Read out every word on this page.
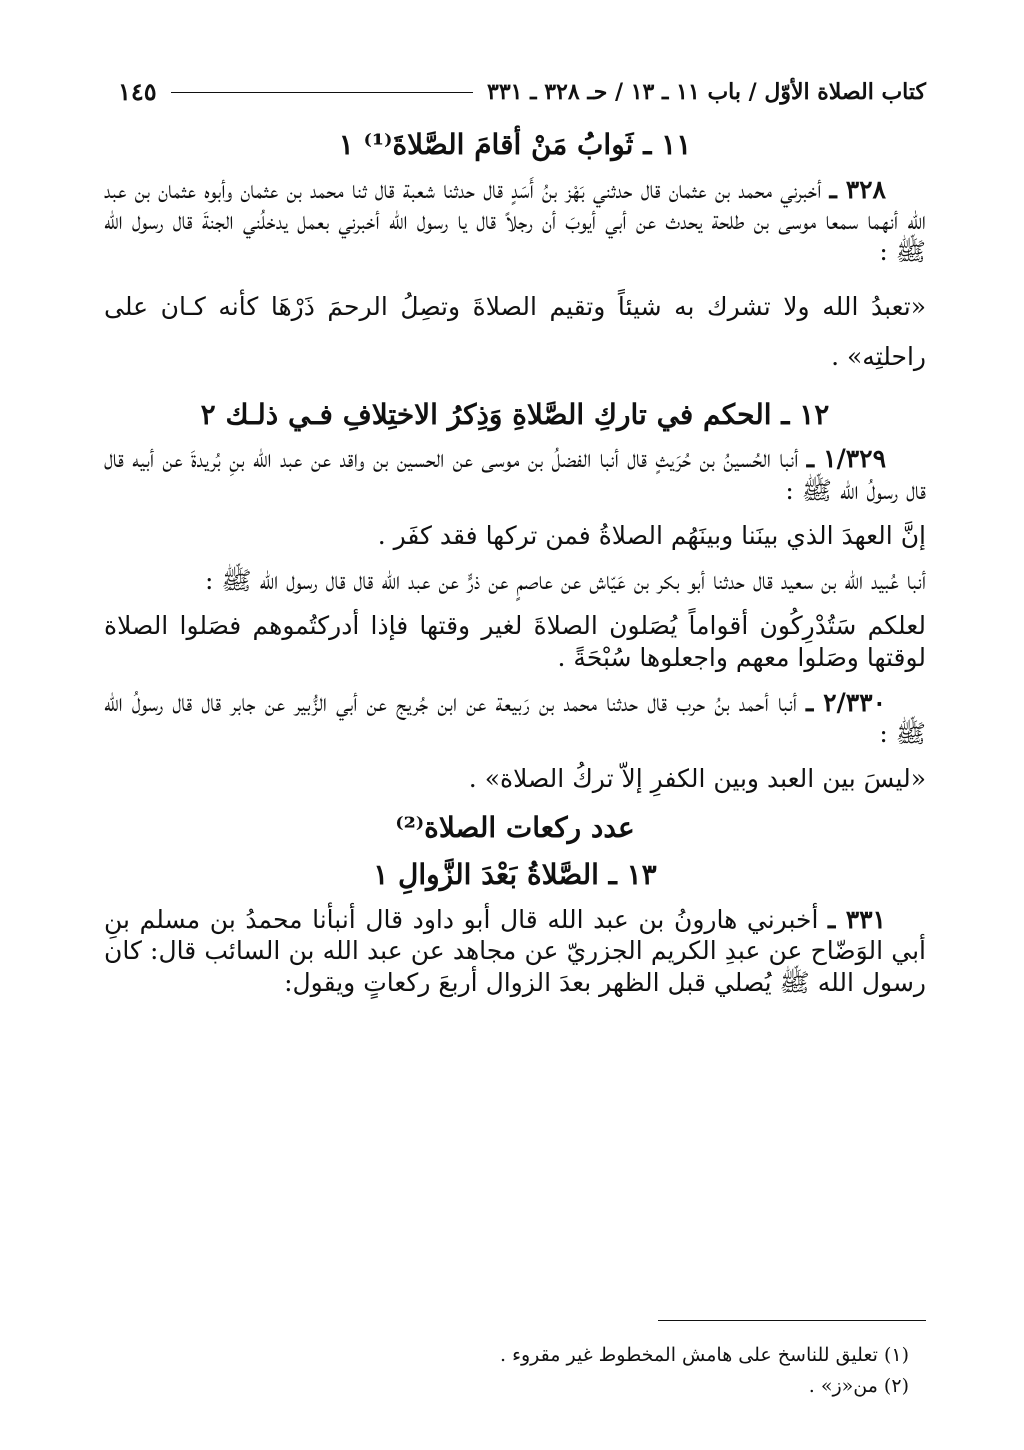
كتاب الصلاة الأوّل / باب ١١ ـ ١٣ / حـ ٣٢٨ ـ ٣٣١
١٤٥
١١ ـ ثَوابُ مَنْ أقامَ الصَّلاةَ⁽¹⁾ ١

٣٢٨ ـ أخبرني محمد بن عثمان قال حدثني بَهْز بنُ أَسَدٍ قال حدثنا شعبة قال ثنا محمد بن عثمان وأبوه عثمان بن عبد الله أنهما سمعا موسى بن طلحة يحدث عن أبي أيوبَ أن رجلاً قال يا رسول الله أخبرني بعمل يدخلُني الجنةَ قال رسول الله ﷺ :

«تعبدُ الله ولا تشرك به شيئاً وتقيم الصلاةَ وتصِلُ الرحمَ ذَرْهَا كأنه كـان على راحلتِه» .

١٢ ـ الحكم في تاركِ الصَّلاةِ وَذِكرُ الاختِلافِ فـي ذلـك ٢

١/٣٢٩ ـ أنبا الحُسينُ بن حُرَيثٍ قال أنبا الفضلُ بن موسى عن الحسين بن واقد عن عبد الله بنِ بُريدةَ عن أبيه قال قال رسولُ الله ﷺ :

إنَّ العهدَ الذي بينَنا وبينَهُم الصلاةُ فمن تركها فقد كفَر .

أنبا عُبيد الله بن سعيد قال حدثنا أبو بكر بن عَيّاش عن عاصمٍ عن ذرٍّ عن عبد الله قال قال رسول الله ﷺ :

لعلكم سَتُدْرِكُون أقواماً يُصَلون الصلاةَ لغير وقتها فإذا أدركتُموهم فصَلوا الصلاة لوقتها وصَلوا معهم واجعلوها سُبْحَةً .

٢/٣٣٠ ـ أنبا أحمد بنُ حرب قال حدثنا محمد بن رَبيعة عن ابن جُريج عن أبي الزُّبير عن جابر قال قال رسولُ الله ﷺ :

«ليسَ بين العبد وبين الكفرِ إلاّ تركُ الصلاة» .

عدد ركعات الصلاة⁽²⁾
١٣ ـ الصَّلاةُ بَعْدَ الزَّوالِ ١

٣٣١ ـ أخبرني هارونُ بن عبد الله قال أبو داود قال أنبأنا محمدُ بن مسلم بنِ أبي الوَضّاح عن عبدِ الكريم الجزريّ عن مجاهد عن عبد الله بن السائب قال: كان رسول الله ﷺ يُصلي قبل الظهر بعدَ الزوال أربعَ ركعاتٍ ويقول:

(١) تعليق للناسخ على هامش المخطوط غير مقروء .
(٢) من«ز» .
